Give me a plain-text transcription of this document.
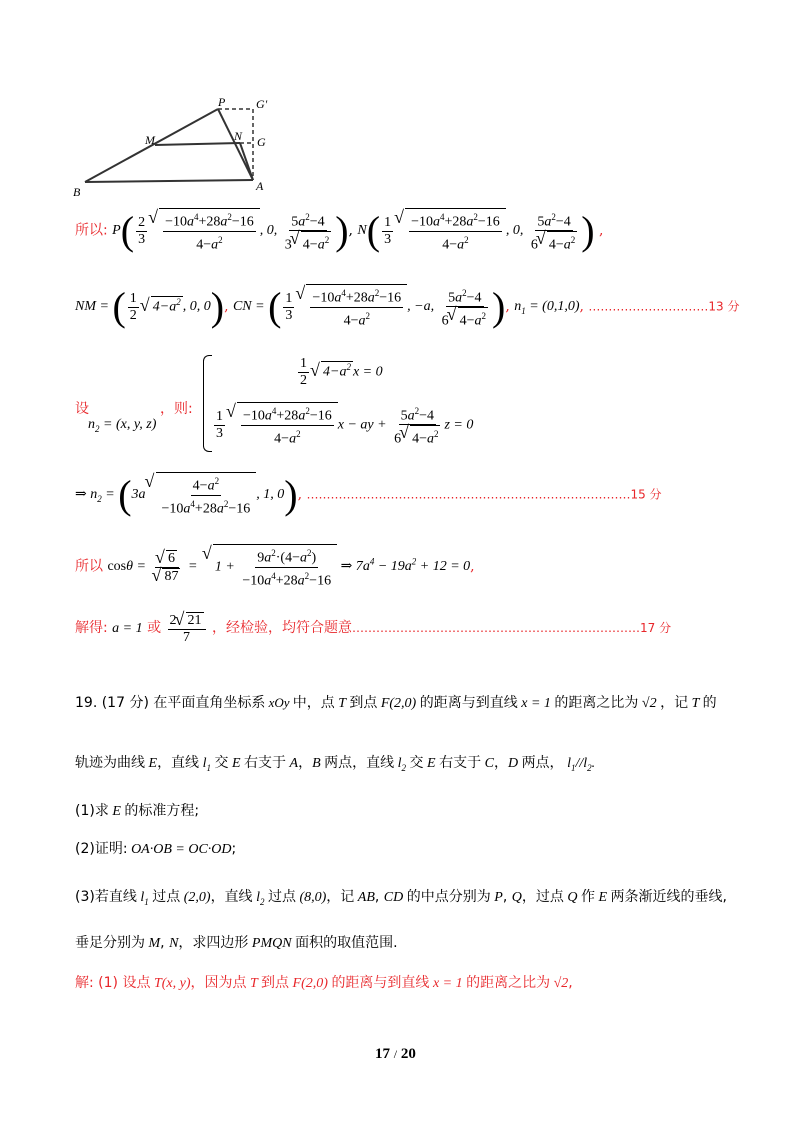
P	G'
M	N G
B	A
所以: $P( \frac{2}{3}$ √ $\frac{-10a^4+28a^2-16}{4-a^2}$ , 0, $\frac{5a^2-4}{3 √ 4-a^2}$ ), $N( \frac{1}{3}$ √ $\frac{-10a^4+28a^2-16}{4-a^2}$ , 0, $\frac{5a^2-4}{6 √ 4-a^2}$ ) ,
NM = ( $\frac{1}{2}$ √ $4-a^2$ , 0, 0), CN = ( $\frac{1}{3}$ √ $\frac{-10a^4+28a^2-16}{4-a^2}$ , −a, $\frac{5a^2-4}{6 √ 4-a^2}$ ), $n_1 = (0,1,0)$, …………………………13 分
设
$n_2 = (x$, y, z)
，则:
$\frac{1}{2}$ √ $4-a^2$ x = 0
$\frac{1}{3}$ √ $\frac{-10a^4+28a^2-16}{4-a^2}$ x − ay + $\frac{5a^2-4}{6 √ 4-a^2}$ z = 0
⇒ $n_2 = (3a$ √ $\frac{4-a^2}{-10a^4+28a^2-16}$ , 1, 0), ………………………………………………………………………15 分
所以 cosθ = √ 6
√ 87 = √ $1 + \frac{9a^2\cdot(4-a^2)}{-10a^4+28a^2-16}$ ⇒ $7a^4 - 19a^2 + 12 = 0$,
解得: a = 1 或 $\frac{2 √ 21}{7}$ ，经检验，均符合题意………………………………………………………………17 分
19. (17 分) 在平面直角坐标系 xOy 中，点 T 到点 F(2,0) 的距离与到直线 x = 1 的距离之比为 √2 ，记 T 的
轨迹为曲线 E，直线 $l_1$ 交 E 右支于 A，B 两点，直线 $l_2$ 交 E 右支于 C，D 两点， $l_1//l_2$.
(1)求 E 的标准方程;
(2)证明: OA·OB = OC·OD;
(3)若直线 $l_1$ 过点 (2,0)，直线 $l_2$ 过点 (8,0)，记 AB, CD 的中点分别为 P, Q，过点 Q 作 E 两条渐近线的垂线,
垂足分别为 M, N，求四边形 PMQN 面积的取值范围.
解: (1) 设点 T(x, y)，因为点 T 到点 F(2,0) 的距离与到直线 x = 1 的距离之比为 √2,
17 / 20
